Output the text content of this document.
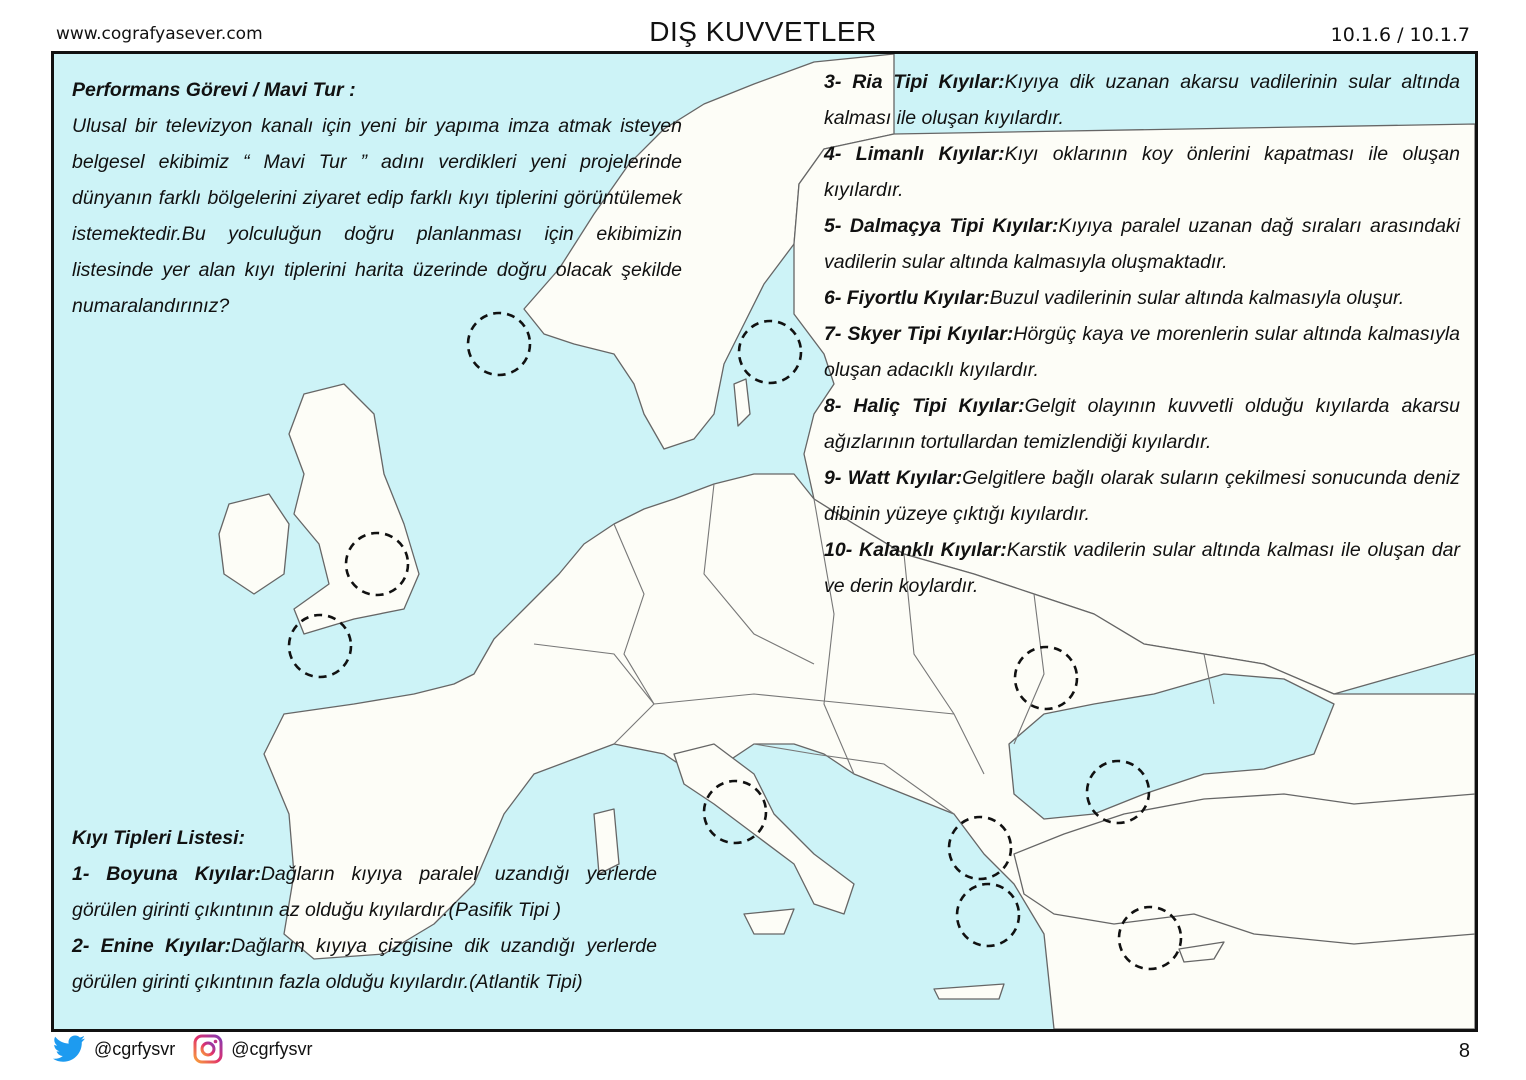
www.cografyasever.com	DIŞ KUVVETLER	10.1.6 / 10.1.7

Performans Görevi / Mavi Tur :

Ulusal bir televizyon kanalı için yeni bir yapıma imza atmak isteyen belgesel ekibimiz “ Mavi Tur ” adını verdikleri yeni projelerinde dünyanın farklı bölgelerini ziyaret edip farklı kıyı tiplerini görüntülemek istemektedir.Bu yolculuğun doğru planlanması için ekibimizin listesinde yer alan kıyı tiplerini harita üzerinde doğru olacak şekilde numaralandırınız?

3- Ria Tipi Kıyılar:Kıyıya dik uzanan akarsu vadilerinin sular altında kalması ile oluşan kıyılardır.

4- Limanlı Kıyılar:Kıyı oklarının koy önlerini kapatması ile oluşan kıyılardır.

5- Dalmaçya Tipi Kıyılar:Kıyıya paralel uzanan dağ sıraları arasındaki vadilerin sular altında kalmasıyla oluşmaktadır.

6- Fiyortlu Kıyılar:Buzul vadilerinin sular altında kalmasıyla oluşur.

7- Skyer Tipi Kıyılar:Hörgüç kaya ve morenlerin sular altında kalmasıyla oluşan adacıklı kıyılardır.

8- Haliç Tipi Kıyılar:Gelgit olayının kuvvetli olduğu kıyılarda akarsu ağızlarının tortullardan temizlendiği kıyılardır.

9- Watt Kıyılar:Gelgitlere bağlı olarak suların çekilmesi sonucunda deniz dibinin yüzeye çıktığı kıyılardır.

10- Kalanklı Kıyılar:Karstik vadilerin sular altında kalması ile oluşan dar ve derin koylardır.

Kıyı Tipleri Listesi:

1- Boyuna Kıyılar:Dağların kıyıya paralel uzandığı yerlerde görülen girinti çıkıntının az olduğu kıyılardır.(Pasifik Tipi )

2- Enine Kıyılar:Dağların kıyıya çizgisine dik uzandığı yerlerde görülen girinti çıkıntının fazla olduğu kıyılardır.(Atlantik Tipi)

@cgrfysvr	@cgrfysvr	8
